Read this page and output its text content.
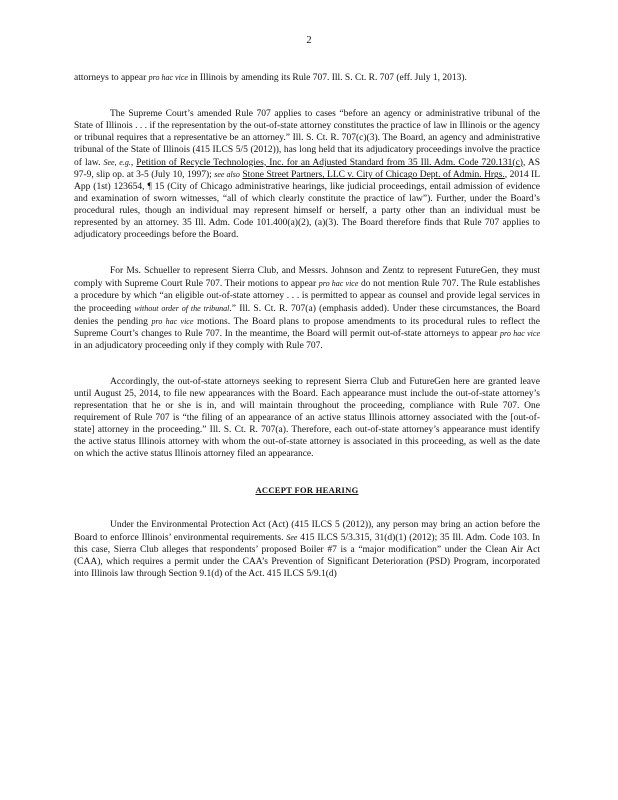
2

attorneys to appear pro hac vice in Illinois by amending its Rule 707. Ill. S. Ct. R. 707 (eff. July 1, 2013).

The Supreme Court’s amended Rule 707 applies to cases “before an agency or administrative tribunal of the State of Illinois . . . if the representation by the out-of-state attorney constitutes the practice of law in Illinois or the agency or tribunal requires that a representative be an attorney.” Ill. S. Ct. R. 707(c)(3). The Board, an agency and administrative tribunal of the State of Illinois (415 ILCS 5/5 (2012)), has long held that its adjudicatory proceedings involve the practice of law. See, e.g., Petition of Recycle Technologies, Inc. for an Adjusted Standard from 35 Ill. Adm. Code 720.131(c), AS 97-9, slip op. at 3-5 (July 10, 1997); see also Stone Street Partners, LLC v. City of Chicago Dept. of Admin. Hrgs., 2014 IL App (1st) 123654, ¶ 15 (City of Chicago administrative hearings, like judicial proceedings, entail admission of evidence and examination of sworn witnesses, “all of which clearly constitute the practice of law”). Further, under the Board’s procedural rules, though an individual may represent himself or herself, a party other than an individual must be represented by an attorney. 35 Ill. Adm. Code 101.400(a)(2), (a)(3). The Board therefore finds that Rule 707 applies to adjudicatory proceedings before the Board.

For Ms. Schueller to represent Sierra Club, and Messrs. Johnson and Zentz to represent FutureGen, they must comply with Supreme Court Rule 707. Their motions to appear pro hac vice do not mention Rule 707. The Rule establishes a procedure by which “an eligible out-of-state attorney . . . is permitted to appear as counsel and provide legal services in the proceeding without order of the tribunal.” Ill. S. Ct. R. 707(a) (emphasis added). Under these circumstances, the Board denies the pending pro hac vice motions. The Board plans to propose amendments to its procedural rules to reflect the Supreme Court’s changes to Rule 707. In the meantime, the Board will permit out-of-state attorneys to appear pro hac vice in an adjudicatory proceeding only if they comply with Rule 707.

Accordingly, the out-of-state attorneys seeking to represent Sierra Club and FutureGen here are granted leave until August 25, 2014, to file new appearances with the Board. Each appearance must include the out-of-state attorney’s representation that he or she is in, and will maintain throughout the proceeding, compliance with Rule 707. One requirement of Rule 707 is “the filing of an appearance of an active status Illinois attorney associated with the [out-of-state] attorney in the proceeding.” Ill. S. Ct. R. 707(a). Therefore, each out-of-state attorney’s appearance must identify the active status Illinois attorney with whom the out-of-state attorney is associated in this proceeding, as well as the date on which the active status Illinois attorney filed an appearance.

ACCEPT FOR HEARING

Under the Environmental Protection Act (Act) (415 ILCS 5 (2012)), any person may bring an action before the Board to enforce Illinois’ environmental requirements. See 415 ILCS 5/3.315, 31(d)(1) (2012); 35 Ill. Adm. Code 103. In this case, Sierra Club alleges that respondents’ proposed Boiler #7 is a “major modification” under the Clean Air Act (CAA), which requires a permit under the CAA’s Prevention of Significant Deterioration (PSD) Program, incorporated into Illinois law through Section 9.1(d) of the Act. 415 ILCS 5/9.1(d)
